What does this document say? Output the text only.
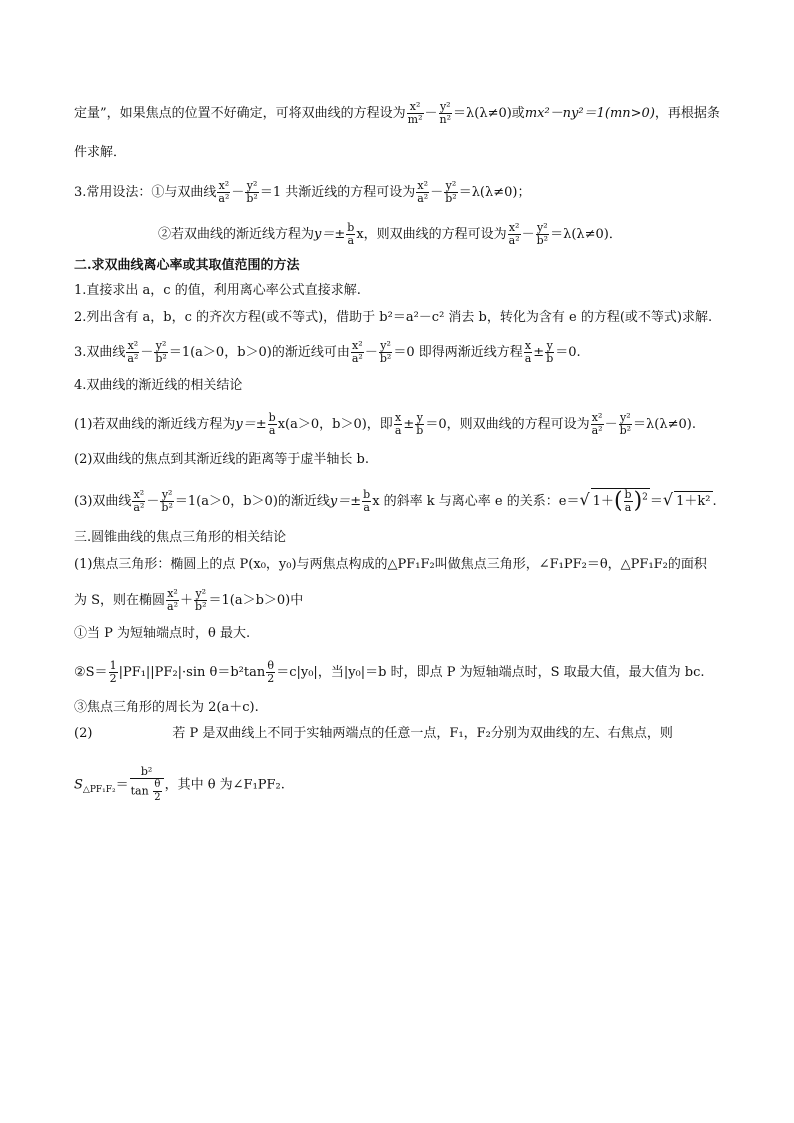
定量”，如果焦点的位置不好确定，可将双曲线的方程设为 $\frac{\text{x²}}{\text{m²}} - \frac{\text{y²}}{\text{n²}} =\lambda(\lambda\ne 0)$或mx²－ny²＝1(mn>0)，再根据条
件求解．
3.常用设法：①与双曲线 $\frac{\text{x²}}{\text{a²}} - \frac{\text{y²}}{\text{b²}} =1$ 共渐近线的方程可设为 $\frac{\text{x²}}{\text{a²}} - \frac{\text{y²}}{\text{b²}} =\lambda(\lambda\ne 0)$；
②若双曲线的渐近线方程为$y=\pm \frac{b}{a}$ x，则双曲线的方程可设为 $\frac{\text{x²}}{\text{a²}} - \frac{\text{y²}}{\text{b²}} =\lambda(\lambda\ne 0)$．
二.求双曲线离心率或其取值范围的方法
1.直接求出 a，c 的值，利用离心率公式直接求解.
2.列出含有 a，b，c 的齐次方程(或不等式)，借助于 b²＝a²－c² 消去 b，转化为含有 e 的方程(或不等式)求解.
3.双曲线 $\frac{\text{x²}}{\text{a²}} - \frac{\text{y²}}{\text{b²}} =1(a>0$，b＞0)的渐近线可由 $\frac{\text{x²}}{\text{a²}} - \frac{\text{y²}}{\text{b²}} =0$ 即得两渐近线方程 $\frac{x}{a} \pm \frac{y}{b} =0$.
4.双曲线的渐近线的相关结论
(1)若双曲线的渐近线方程为$y=\pm \frac{b}{a} x(a>0$，b＞0)，即 $\frac{x}{a} \pm \frac{y}{b} =0$，则双曲线的方程可设为 $\frac{\text{x²}}{\text{a²}} - \frac{\text{y²}}{\text{b²}} =\lambda(\lambda\ne 0)$.
(2)双曲线的焦点到其渐近线的距离等于虚半轴长 b.
(3)双曲线 $\frac{\text{x²}}{\text{a²}} - \frac{\text{y²}}{\text{b²}} =1(a>0$，b＞0)的渐近线$y=\pm \frac{b}{a}$ x 的斜率 k 与离心率 e 的关系：e＝√ $1+( \frac{b}{a} )^2$ ＝√ 1＋k² .
三.圆锥曲线的焦点三角形的相关结论
(1)焦点三角形：椭圆上的点 P(x₀，y₀)与两焦点构成的△PF₁F₂叫做焦点三角形，∠F₁PF₂＝θ，△PF₁F₂的面积
为 S，则在椭圆 $\frac{\text{x²}}{\text{a²}} + \frac{\text{y²}}{\text{b²}} =1(a>b>0)$中
①当 P 为短轴端点时，θ 最大.
②S＝ $\frac{1}{2} |PF_1||PF_2|\cdot\sin$ $\theta=b^2\tan \frac{\theta}{2} =c|y_0|$，当|y₀|＝b 时，即点 P 为短轴端点时，S 取最大值，最大值为 bc.
③焦点三角形的周长为 2(a＋c).
(2)	若 P 是双曲线上不同于实轴两端点的任意一点，F₁，F₂分别为双曲线的左、右焦点，则
$S_{\triangle PF_1F_2}= \frac{\text{b²}}{\tan \frac{\theta}{2}}$ ，其中 θ 为∠F₁PF₂.
